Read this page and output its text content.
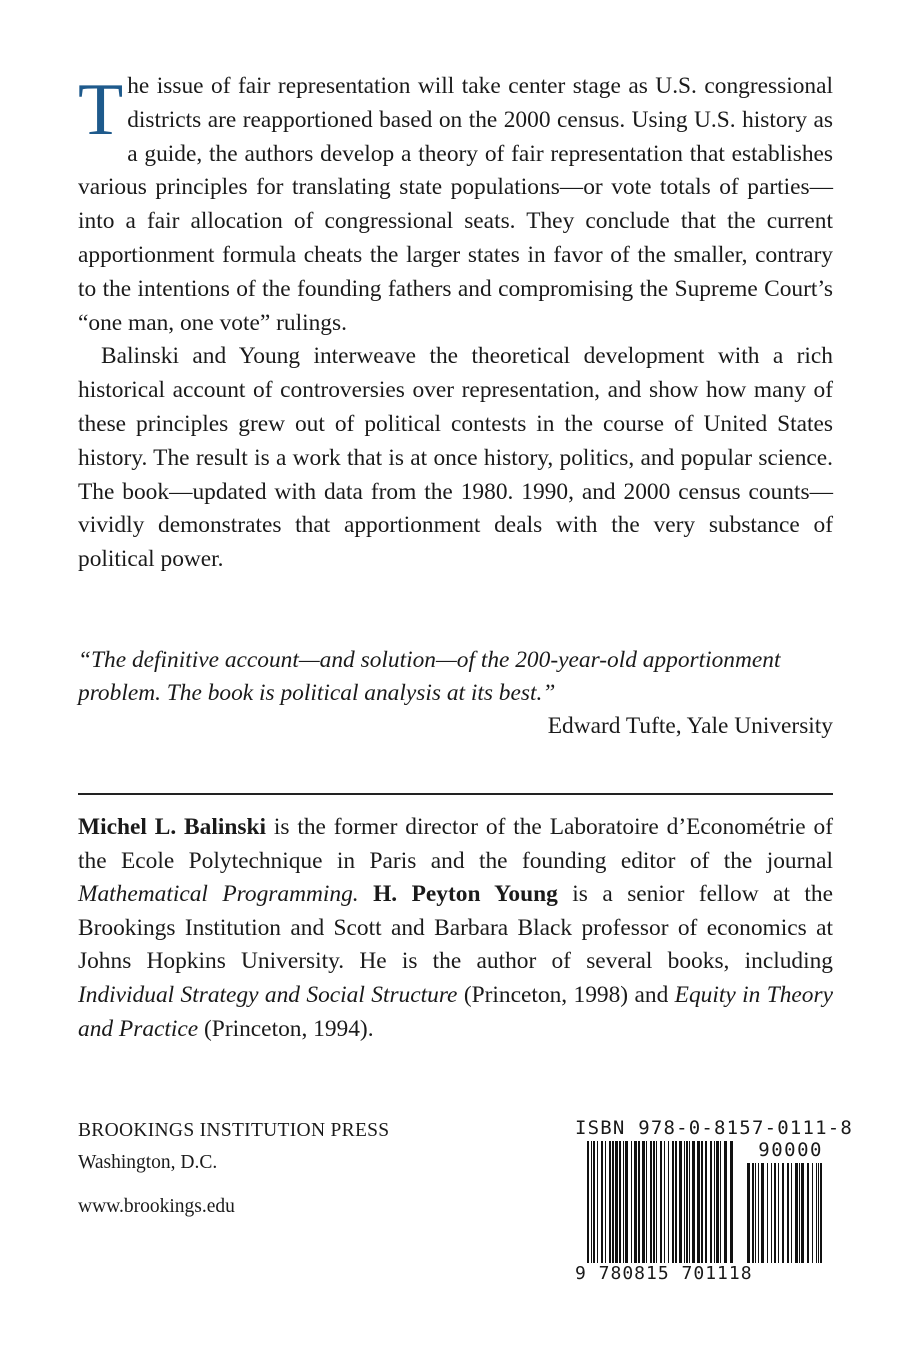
The issue of fair representation will take center stage as U.S. congressional districts are reapportioned based on the 2000 census. Using U.S. history as a guide, the authors develop a theory of fair representation that establishes various principles for translating state populations—or vote totals of parties—into a fair allocation of congressional seats. They conclude that the current apportionment formula cheats the larger states in favor of the smaller, contrary to the intentions of the founding fathers and compromising the Supreme Court’s “one man, one vote” rulings.

Balinski and Young interweave the theoretical development with a rich historical account of controversies over representation, and show how many of these principles grew out of political contests in the course of United States history. The result is a work that is at once history, politics, and popular science. The book—updated with data from the 1980. 1990, and 2000 census counts—vividly demonstrates that apportionment deals with the very substance of political power.

“The definitive account—and solution—of the 200-year-old apportionment problem. The book is political analysis at its best.”

Edward Tufte, Yale University

Michel L. Balinski is the former director of the Laboratoire d’Econométrie of the Ecole Polytechnique in Paris and the founding editor of the journal Mathematical Programming. H. Peyton Young is a senior fellow at the Brookings Institution and Scott and Barbara Black professor of economics at Johns Hopkins University. He is the author of several books, including Individual Strategy and Social Structure (Princeton, 1998) and Equity in Theory and Practice (Princeton, 1994).

BROOKINGS INSTITUTION PRESS
Washington, D.C.
www.brookings.edu
ISBN 978-0-8157-0111-8
90000
9 780815 701118
